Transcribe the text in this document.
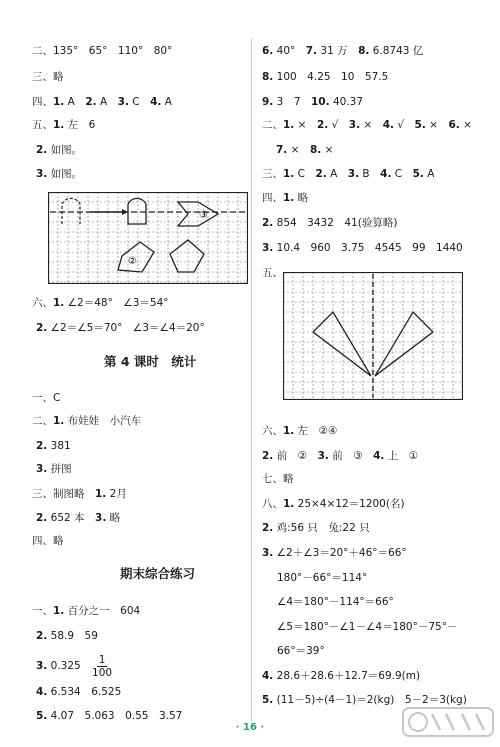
二、135°　65°　110°　80°
三、略
四、1. A　2. A　3. C　4. A
五、1. 左　6
2. 如图。
3. 如图。
六、1. ∠2＝48°　∠3＝54°
2. ∠2＝∠5＝70°　∠3＝∠4＝20°
一、C
二、1. 布娃娃　小汽车
2. 381
3. 拼图
三、制图略　1. 2月
2. 652 本　3. 略
四、略
一、1. 百分之一　604
2. 58.9　59
4. 6.534　6.525
5. 4.07　5.063　0.55　3.57
6. 40°　7. 31 万　8. 6.8743 亿
8. 100　4.25　10　57.5
9. 3　7　10. 40.37
二、1. ×　2. √　3. ×　4. √　5. ×　6. ×
7. ×　8. ×
三、1. C　2. A　3. B　4. C　5. A
四、1. 略
2. 854　3432　41(验算略)
3. 10.4　960　3.75　4545　99　1440
五、
六、1. 左　②④
2. 前　②　3. 前　③　4. 上　①
七、略
八、1. 25×4×12＝1200(名)
2. 鸡:56 只　兔:22 只
3. ∠2＋∠3＝20°＋46°＝66°
180°－66°＝114°
∠4＝180°－114°＝66°
∠5＝180°－∠1－∠4＝180°－75°－
66°＝39°
4. 28.6＋28.6＋12.7＝69.9(m)
5. (11－5)÷(4－1)＝2(kg)　5－2＝3(kg)
第 4 课时　统计
期末综合练习
3. $0.325 \frac{1}{100}$
③
②
· 16 ·
